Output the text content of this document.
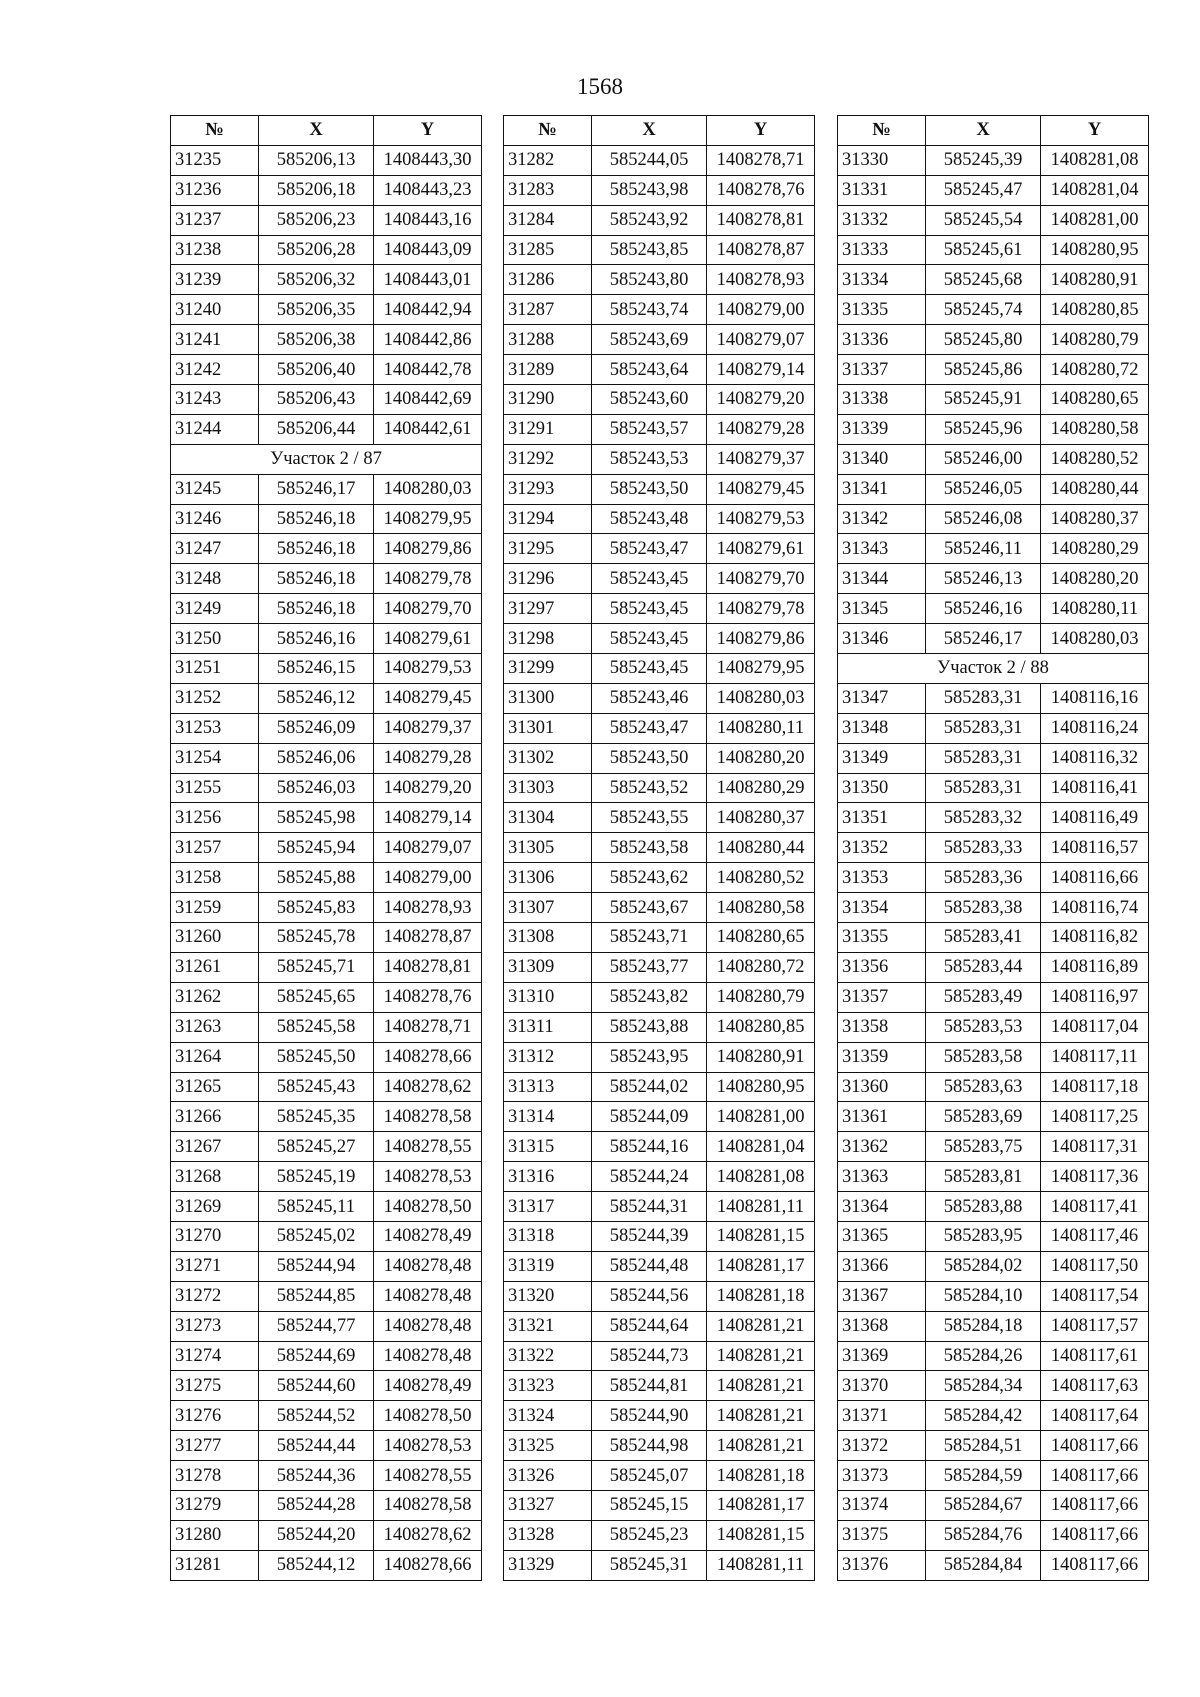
1568
№	X	Y
31235	585206,13	1408443,30
31236	585206,18	1408443,23
31237	585206,23	1408443,16
31238	585206,28	1408443,09
31239	585206,32	1408443,01
31240	585206,35	1408442,94
31241	585206,38	1408442,86
31242	585206,40	1408442,78
31243	585206,43	1408442,69
31244	585206,44	1408442,61
Участок 2 / 87		
31245	585246,17	1408280,03
31246	585246,18	1408279,95
31247	585246,18	1408279,86
31248	585246,18	1408279,78
31249	585246,18	1408279,70
31250	585246,16	1408279,61
31251	585246,15	1408279,53
31252	585246,12	1408279,45
31253	585246,09	1408279,37
31254	585246,06	1408279,28
31255	585246,03	1408279,20
31256	585245,98	1408279,14
31257	585245,94	1408279,07
31258	585245,88	1408279,00
31259	585245,83	1408278,93
31260	585245,78	1408278,87
31261	585245,71	1408278,81
31262	585245,65	1408278,76
31263	585245,58	1408278,71
31264	585245,50	1408278,66
31265	585245,43	1408278,62
31266	585245,35	1408278,58
31267	585245,27	1408278,55
31268	585245,19	1408278,53
31269	585245,11	1408278,50
31270	585245,02	1408278,49
31271	585244,94	1408278,48
31272	585244,85	1408278,48
31273	585244,77	1408278,48
31274	585244,69	1408278,48
31275	585244,60	1408278,49
31276	585244,52	1408278,50
31277	585244,44	1408278,53
31278	585244,36	1408278,55
31279	585244,28	1408278,58
31280	585244,20	1408278,62
31281	585244,12	1408278,66
№	X	Y
31282	585244,05	1408278,71
31283	585243,98	1408278,76
31284	585243,92	1408278,81
31285	585243,85	1408278,87
31286	585243,80	1408278,93
31287	585243,74	1408279,00
31288	585243,69	1408279,07
31289	585243,64	1408279,14
31290	585243,60	1408279,20
31291	585243,57	1408279,28
31292	585243,53	1408279,37
31293	585243,50	1408279,45
31294	585243,48	1408279,53
31295	585243,47	1408279,61
31296	585243,45	1408279,70
31297	585243,45	1408279,78
31298	585243,45	1408279,86
31299	585243,45	1408279,95
31300	585243,46	1408280,03
31301	585243,47	1408280,11
31302	585243,50	1408280,20
31303	585243,52	1408280,29
31304	585243,55	1408280,37
31305	585243,58	1408280,44
31306	585243,62	1408280,52
31307	585243,67	1408280,58
31308	585243,71	1408280,65
31309	585243,77	1408280,72
31310	585243,82	1408280,79
31311	585243,88	1408280,85
31312	585243,95	1408280,91
31313	585244,02	1408280,95
31314	585244,09	1408281,00
31315	585244,16	1408281,04
31316	585244,24	1408281,08
31317	585244,31	1408281,11
31318	585244,39	1408281,15
31319	585244,48	1408281,17
31320	585244,56	1408281,18
31321	585244,64	1408281,21
31322	585244,73	1408281,21
31323	585244,81	1408281,21
31324	585244,90	1408281,21
31325	585244,98	1408281,21
31326	585245,07	1408281,18
31327	585245,15	1408281,17
31328	585245,23	1408281,15
31329	585245,31	1408281,11
№	X	Y
31330	585245,39	1408281,08
31331	585245,47	1408281,04
31332	585245,54	1408281,00
31333	585245,61	1408280,95
31334	585245,68	1408280,91
31335	585245,74	1408280,85
31336	585245,80	1408280,79
31337	585245,86	1408280,72
31338	585245,91	1408280,65
31339	585245,96	1408280,58
31340	585246,00	1408280,52
31341	585246,05	1408280,44
31342	585246,08	1408280,37
31343	585246,11	1408280,29
31344	585246,13	1408280,20
31345	585246,16	1408280,11
31346	585246,17	1408280,03
Участок 2 / 88		
31347	585283,31	1408116,16
31348	585283,31	1408116,24
31349	585283,31	1408116,32
31350	585283,31	1408116,41
31351	585283,32	1408116,49
31352	585283,33	1408116,57
31353	585283,36	1408116,66
31354	585283,38	1408116,74
31355	585283,41	1408116,82
31356	585283,44	1408116,89
31357	585283,49	1408116,97
31358	585283,53	1408117,04
31359	585283,58	1408117,11
31360	585283,63	1408117,18
31361	585283,69	1408117,25
31362	585283,75	1408117,31
31363	585283,81	1408117,36
31364	585283,88	1408117,41
31365	585283,95	1408117,46
31366	585284,02	1408117,50
31367	585284,10	1408117,54
31368	585284,18	1408117,57
31369	585284,26	1408117,61
31370	585284,34	1408117,63
31371	585284,42	1408117,64
31372	585284,51	1408117,66
31373	585284,59	1408117,66
31374	585284,67	1408117,66
31375	585284,76	1408117,66
31376	585284,84	1408117,66
